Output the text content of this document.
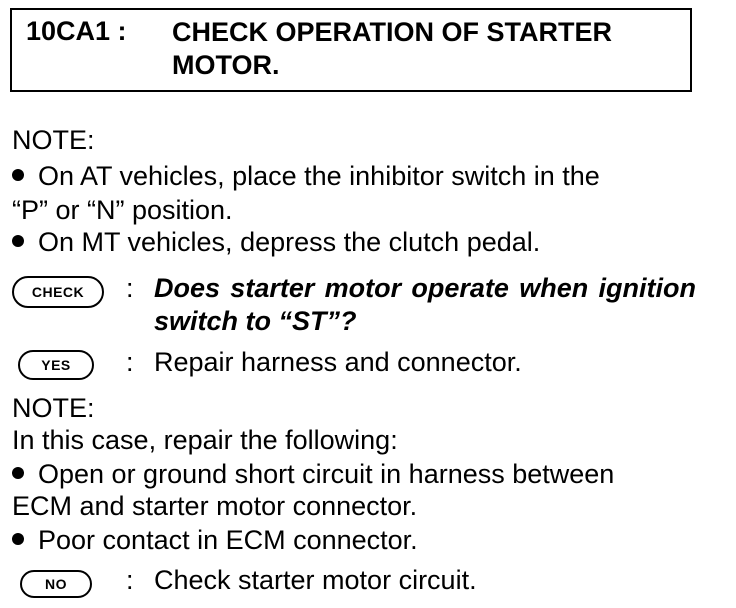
10CA1 : CHECK OPERATION OF STARTER MOTOR.
NOTE:
On AT vehicles, place the inhibitor switch in the
“P” or “N” position.
On MT vehicles, depress the clutch pedal.
CHECK	: Does starter motor operate when ignition switch to “ST”?
YES	: Repair harness and connector.
NOTE:
In this case, repair the following:
Open or ground short circuit in harness between
ECM and starter motor connector.
Poor contact in ECM connector.
NO	: Check starter motor circuit.
